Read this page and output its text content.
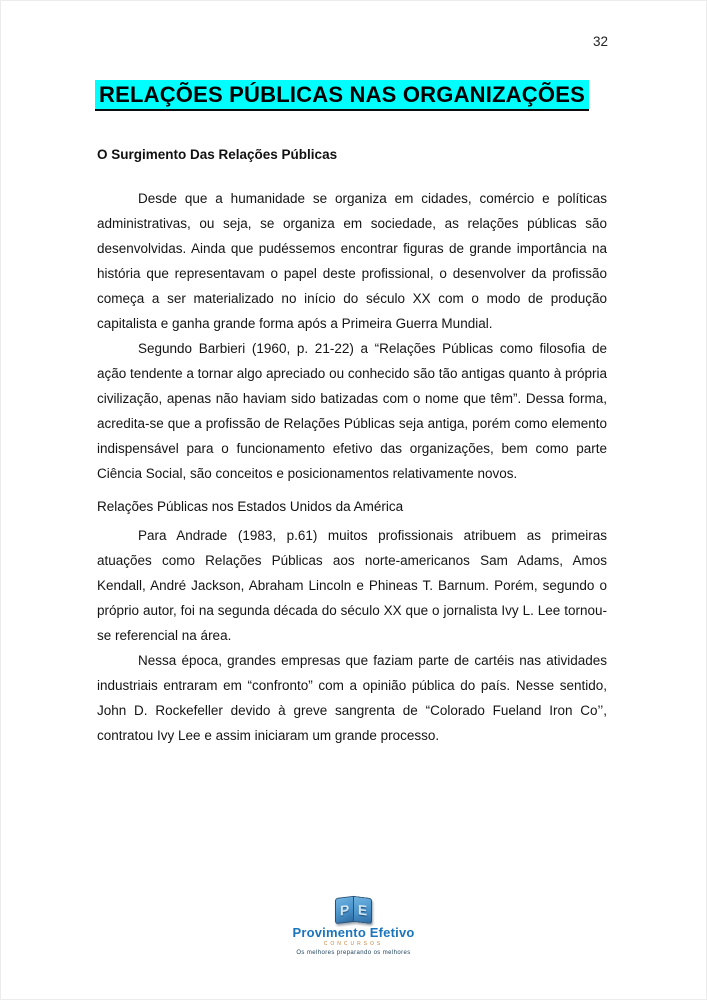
32
RELAÇÕES PÚBLICAS NAS ORGANIZAÇÕES
O Surgimento Das Relações Públicas

Desde que a humanidade se organiza em cidades, comércio e políticas administrativas, ou seja, se organiza em sociedade, as relações públicas são desenvolvidas. Ainda que pudéssemos encontrar figuras de grande importância na história que representavam o papel deste profissional, o desenvolver da profissão começa a ser materializado no início do século XX com o modo de produção capitalista e ganha grande forma após a Primeira Guerra Mundial.

Segundo Barbieri (1960, p. 21-22) a “Relações Públicas como filosofia de ação tendente a tornar algo apreciado ou conhecido são tão antigas quanto à própria civilização, apenas não haviam sido batizadas com o nome que têm”. Dessa forma, acredita-se que a profissão de Relações Públicas seja antiga, porém como elemento indispensável para o funcionamento efetivo das organizações, bem como parte Ciência Social, são conceitos e posicionamentos relativamente novos.

Relações Públicas nos Estados Unidos da América

Para Andrade (1983, p.61) muitos profissionais atribuem as primeiras atuações como Relações Públicas aos norte-americanos Sam Adams, Amos Kendall, André Jackson, Abraham Lincoln e Phineas T. Barnum. Porém, segundo o próprio autor, foi na segunda década do século XX que o jornalista Ivy L. Lee tornou-se referencial na área.

Nessa época, grandes empresas que faziam parte de cartéis nas atividades industriais entraram em “confronto” com a opinião pública do país. Nesse sentido, John D. Rockefeller devido à greve sangrenta de “Colorado Fueland Iron Co’’, contratou Ivy Lee e assim iniciaram um grande processo.

P E
Provimento Efetivo
CONCURSOS
Os melhores preparando os melhores
